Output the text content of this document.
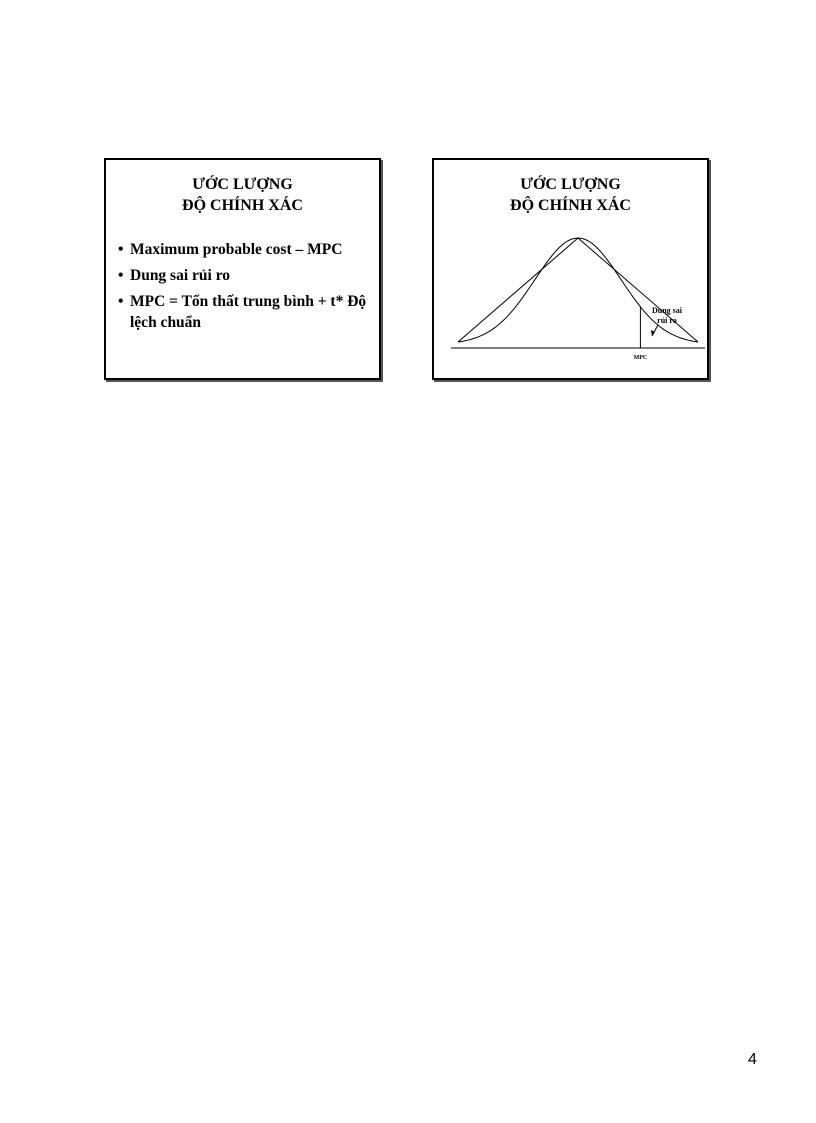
ƯỚC LƯỢNG
ĐỘ CHÍNH XÁC
• Maximum probable cost – MPC
• Dung sai rủi ro
• MPC = Tổn thất trung bình + t* Độ lệch chuẩn
ƯỚC LƯỢNG
ĐỘ CHÍNH XÁC
Dung sai
rủi ro
MPC
4
